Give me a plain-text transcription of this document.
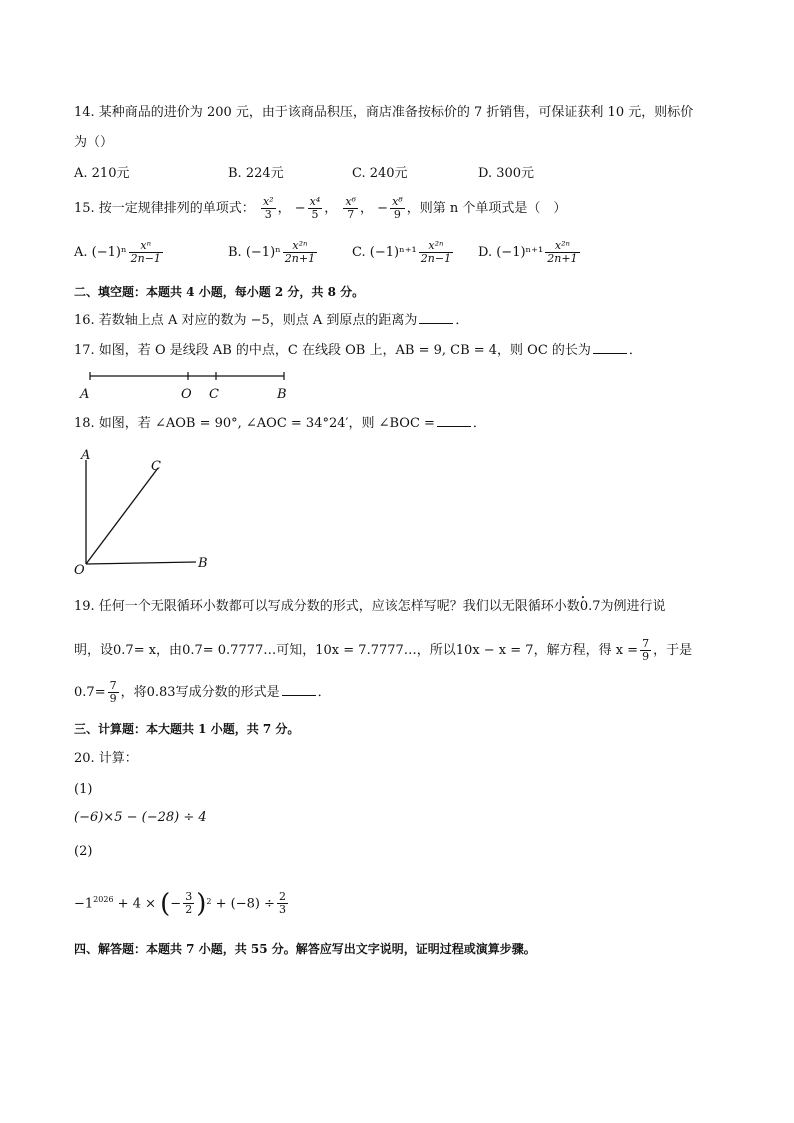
14. 某种商品的进价为 200 元，由于该商品积压，商店准备按标价的 7 折销售，可保证获利 10 元，则标价
为（）
A. 210元	B. 224元	C. 240元	D. 300元
15. 按一定规律排列的单项式： $\frac{\text{x²}}{3}$ ， − $\frac{\text{x⁴}}{5}$ ， $\frac{\text{x⁶}}{7}$ ， − $\frac{\text{x⁸}}{9}$ ，则第 n 个单项式是（　）
A. $(-1)^n \frac{\text{xⁿ}}{2n-1}$	B. $(-1)^n \frac{\text{x²ⁿ}}{2n+1}$	C. $(-1)^{n+1} \frac{\text{x²ⁿ}}{2n-1} D$. $(-1)^{n+1} \frac{\text{x²ⁿ}}{2n+1}$
二、填空题：本题共 4 小题，每小题 2 分，共 8 分。
16. 若数轴上点 A 对应的数为 −5，则点 A 到原点的距离为	．
17. 如图，若 O 是线段 AB 的中点，C 在线段 OB 上，AB = 9, CB = 4，则 OC 的长为	．
A	O C	B
18. 如图，若 ∠AOB = 90°, ∠AOC = 34°24′，则 ∠BOC =	．
A
C
O	B
19. 任何一个无限循环小数都可以写成分数的形式，应该怎样写呢？我们以无限循环小数• 0.7为例进行说
明，设0.7= x，由0.7= 0.7777…可知，10x = 7.7777…，所以10x − x = 7，解方程，得 $x = \frac{7}{9}$ ，于是
$0.7= \frac{7}{9}$ ，将0.83写成分数的形式是	．
三、计算题：本大题共 1 小题，共 7 分。
20. 计算：
(1)
(−6)×5 − (−28) ÷ 4
(2)
$-1^{2026} + 4$ × (− $\frac{3}{2} )^2 + (-8) \div \frac{2}{3}$
四、解答题：本题共 7 小题，共 55 分。解答应写出文字说明，证明过程或演算步骤。
